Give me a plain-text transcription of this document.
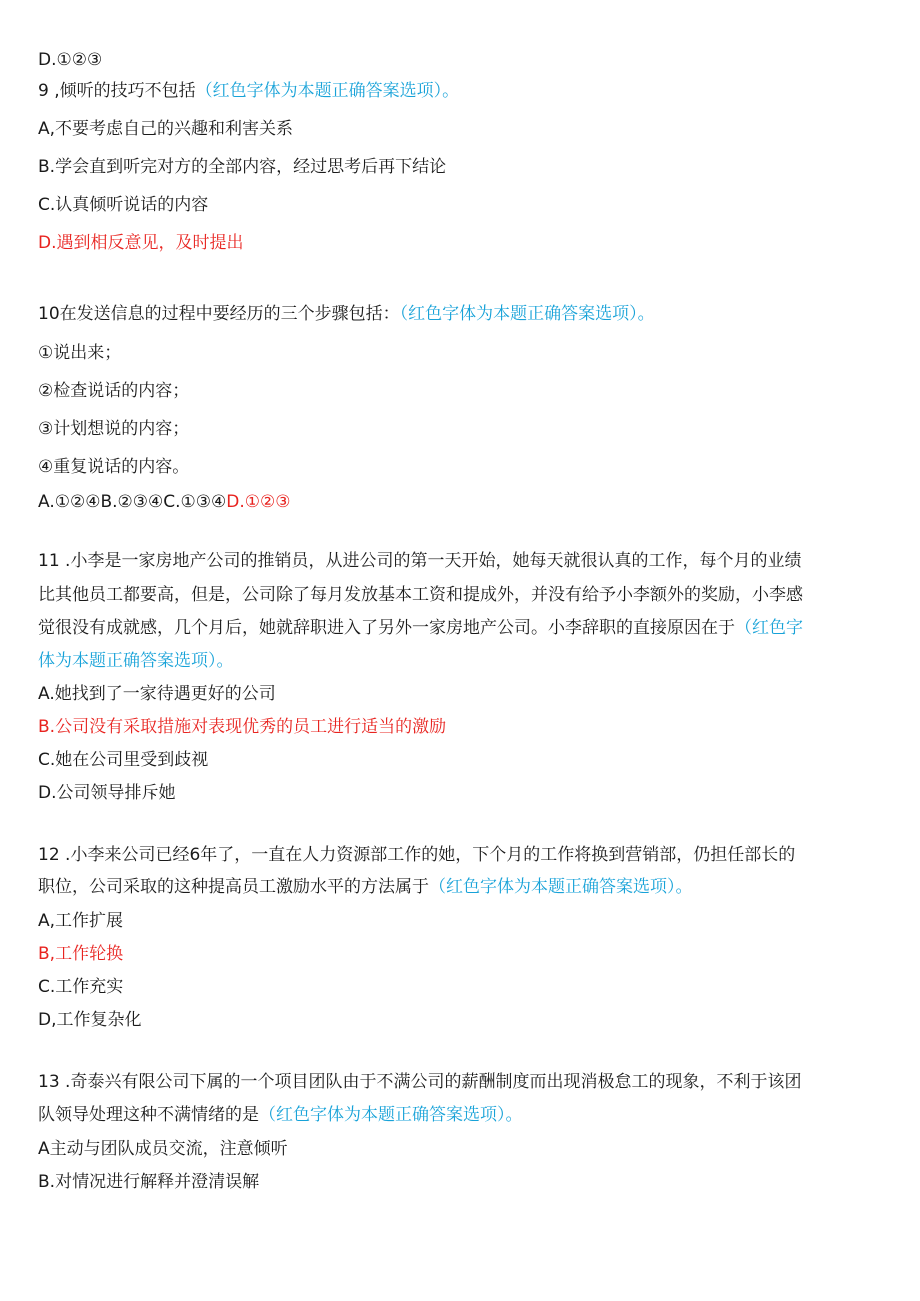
D.①②③
9 ,倾听的技巧不包括（红色字体为本题正确答案选项）。
A,不要考虑自己的兴趣和利害关系
B.学会直到听完对方的全部内容，经过思考后再下结论
C.认真倾听说话的内容
D.遇到相反意见，及时提出
10在发送信息的过程中要经历的三个步骤包括：（红色字体为本题正确答案选项）。
①说出来；
②检查说话的内容；
③计划想说的内容；
④重复说话的内容。
A.①②④B.②③④C.①③④D.①②③
11 .小李是一家房地产公司的推销员，从进公司的第一天开始，她每天就很认真的工作，每个月的业绩
比其他员工都要高，但是，公司除了每月发放基本工资和提成外，并没有给予小李额外的奖励，小李感
觉很没有成就感，几个月后，她就辞职进入了另外一家房地产公司。小李辞职的直接原因在于（红色字
体为本题正确答案选项）。
A.她找到了一家待遇更好的公司
B.公司没有采取措施对表现优秀的员工进行适当的激励
C.她在公司里受到歧视
D.公司领导排斥她
12 .小李来公司已经6年了，一直在人力资源部工作的她，下个月的工作将换到营销部，仍担任部长的
职位，公司采取的这种提高员工激励水平的方法属于（红色字体为本题正确答案选项）。
A,工作扩展
B,工作轮换
C.工作充实
D,工作复杂化
13 .奇泰兴有限公司下属的一个项目团队由于不满公司的薪酬制度而出现消极怠工的现象，不利于该团
队领导处理这种不满情绪的是（红色字体为本题正确答案选项）。
A主动与团队成员交流，注意倾听
B.对情况进行解释并澄清误解
